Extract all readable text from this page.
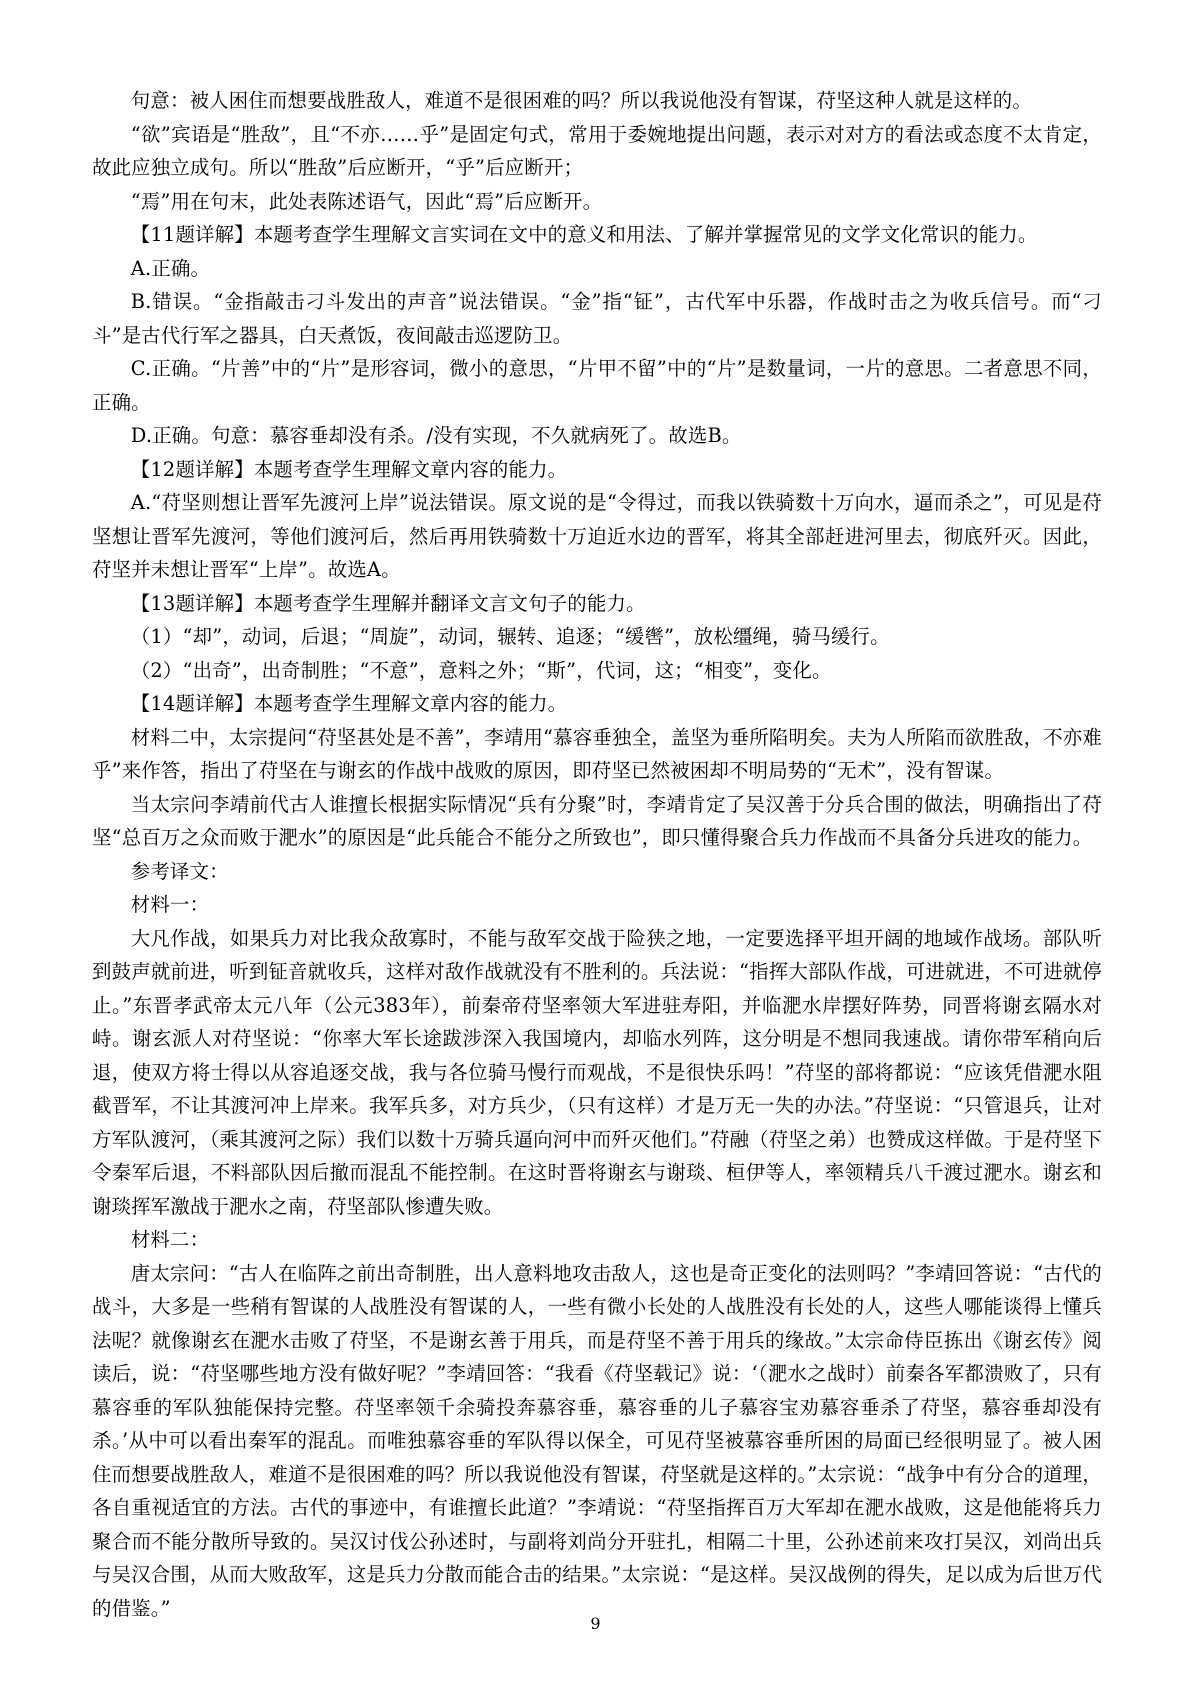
句意：被人困住而想要战胜敌人，难道不是很困难的吗？所以我说他没有智谋，苻坚这种人就是这样的。

“欲”宾语是“胜敌”，且“不亦……乎”是固定句式，常用于委婉地提出问题，表示对对方的看法或态度不太肯定，故此应独立成句。所以“胜敌”后应断开，“乎”后应断开；

“焉”用在句末，此处表陈述语气，因此“焉”后应断开。

【11题详解】本题考查学生理解文言实词在文中的意义和用法、了解并掌握常见的文学文化常识的能力。

A.正确。

B.错误。“金指敲击刁斗发出的声音”说法错误。“金”指“钲”，古代军中乐器，作战时击之为收兵信号。而“刁斗”是古代行军之器具，白天煮饭，夜间敲击巡逻防卫。

C.正确。“片善”中的“片”是形容词，微小的意思，“片甲不留”中的“片”是数量词，一片的意思。二者意思不同，正确。

D.正确。句意：慕容垂却没有杀。/没有实现，不久就病死了。故选B。

【12题详解】本题考查学生理解文章内容的能力。

A.“苻坚则想让晋军先渡河上岸”说法错误。原文说的是“令得过，而我以铁骑数十万向水，逼而杀之”，可见是苻坚想让晋军先渡河，等他们渡河后，然后再用铁骑数十万迫近水边的晋军，将其全部赶进河里去，彻底歼灭。因此，苻坚并未想让晋军“上岸”。故选A。

【13题详解】本题考查学生理解并翻译文言文句子的能力。

（1）“却”，动词，后退；“周旋”，动词，辗转、追逐；“缓辔”，放松缰绳，骑马缓行。

（2）“出奇”，出奇制胜；“不意”，意料之外；“斯”，代词，这；“相变”，变化。

【14题详解】本题考查学生理解文章内容的能力。

材料二中，太宗提问“苻坚甚处是不善”，李靖用“慕容垂独全，盖坚为垂所陷明矣。夫为人所陷而欲胜敌，不亦难乎”来作答，指出了苻坚在与谢玄的作战中战败的原因，即苻坚已然被困却不明局势的“无术”，没有智谋。

当太宗问李靖前代古人谁擅长根据实际情况“兵有分聚”时，李靖肯定了吴汉善于分兵合围的做法，明确指出了苻坚“总百万之众而败于淝水”的原因是“此兵能合不能分之所致也”，即只懂得聚合兵力作战而不具备分兵进攻的能力。

参考译文：

材料一：

大凡作战，如果兵力对比我众敌寡时，不能与敌军交战于险狭之地，一定要选择平坦开阔的地域作战场。部队听到鼓声就前进，听到钲音就收兵，这样对敌作战就没有不胜利的。兵法说：“指挥大部队作战，可进就进，不可进就停止。”东晋孝武帝太元八年（公元383年），前秦帝苻坚率领大军进驻寿阳，并临淝水岸摆好阵势，同晋将谢玄隔水对峙。谢玄派人对苻坚说：“你率大军长途跋涉深入我国境内，却临水列阵，这分明是不想同我速战。请你带军稍向后退，使双方将士得以从容追逐交战，我与各位骑马慢行而观战，不是很快乐吗！”苻坚的部将都说：“应该凭借淝水阻截晋军，不让其渡河冲上岸来。我军兵多，对方兵少，（只有这样）才是万无一失的办法。”苻坚说：“只管退兵，让对方军队渡河，（乘其渡河之际）我们以数十万骑兵逼向河中而歼灭他们。”苻融（苻坚之弟）也赞成这样做。于是苻坚下令秦军后退，不料部队因后撤而混乱不能控制。在这时晋将谢玄与谢琰、桓伊等人，率领精兵八千渡过淝水。谢玄和谢琰挥军激战于淝水之南，苻坚部队惨遭失败。

材料二：

唐太宗问：“古人在临阵之前出奇制胜，出人意料地攻击敌人，这也是奇正变化的法则吗？”李靖回答说：“古代的战斗，大多是一些稍有智谋的人战胜没有智谋的人，一些有微小长处的人战胜没有长处的人，这些人哪能谈得上懂兵法呢？就像谢玄在淝水击败了苻坚，不是谢玄善于用兵，而是苻坚不善于用兵的缘故。”太宗命侍臣拣出《谢玄传》阅读后，说：“苻坚哪些地方没有做好呢？”李靖回答：“我看《苻坚载记》说：‘（淝水之战时）前秦各军都溃败了，只有慕容垂的军队独能保持完整。苻坚率领千余骑投奔慕容垂，慕容垂的儿子慕容宝劝慕容垂杀了苻坚，慕容垂却没有杀。’从中可以看出秦军的混乱。而唯独慕容垂的军队得以保全，可见苻坚被慕容垂所困的局面已经很明显了。被人困住而想要战胜敌人，难道不是很困难的吗？所以我说他没有智谋，苻坚就是这样的。”太宗说：“战争中有分合的道理，各自重视适宜的方法。古代的事迹中，有谁擅长此道？”李靖说：“苻坚指挥百万大军却在淝水战败，这是他能将兵力聚合而不能分散所导致的。吴汉讨伐公孙述时，与副将刘尚分开驻扎，相隔二十里，公孙述前来攻打吴汉，刘尚出兵与吴汉合围，从而大败敌军，这是兵力分散而能合击的结果。”太宗说：“是这样。吴汉战例的得失，足以成为后世万代的借鉴。”

9
